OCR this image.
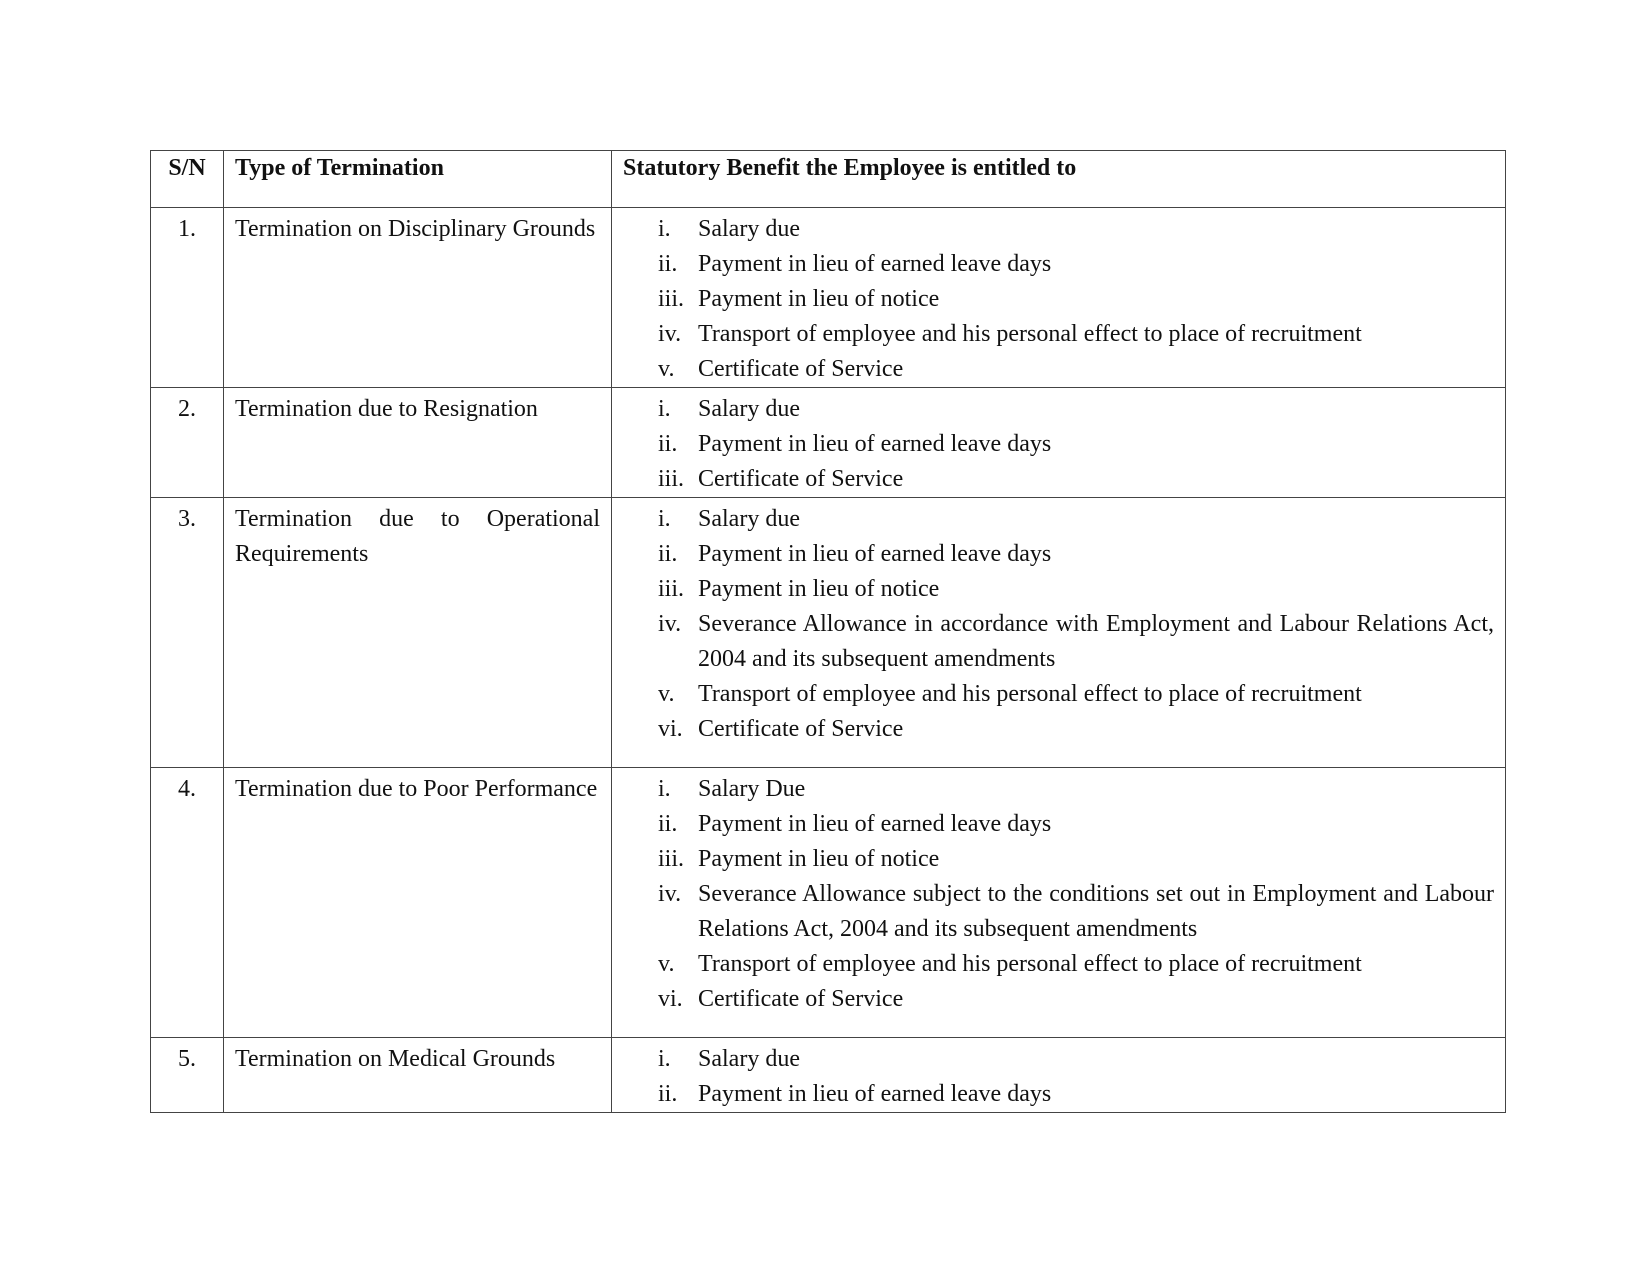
S/N	Type of Termination	Statutory Benefit the Employee is entitled to
1.	Termination on Disciplinary Grounds	i.	Salary due
ii. Payment in lieu of earned leave days
iii. Payment in lieu of notice
iv. Transport of employee and his personal effect to place of recruitment
v. Certificate of Service

2.	Termination due to Resignation	i.	Salary due
ii. Payment in lieu of earned leave days
iii. Certificate of Service

3.	Termination due to Operational Requirements	
i.	Salary due
ii. Payment in lieu of earned leave days
iii. Payment in lieu of notice
iv. Severance Allowance in accordance with Employment and Labour Relations Act, 2004 and its subsequent amendments
v. Transport of employee and his personal effect to place of recruitment
vi. Certificate of Service

4.	Termination due to Poor Performance	i.	Salary Due
ii. Payment in lieu of earned leave days
iii. Payment in lieu of notice
iv. Severance Allowance subject to the conditions set out in Employment and Labour Relations Act, 2004 and its subsequent amendments
v. Transport of employee and his personal effect to place of recruitment
vi. Certificate of Service

5.	Termination on Medical Grounds	i.	Salary due
ii. Payment in lieu of earned leave days
